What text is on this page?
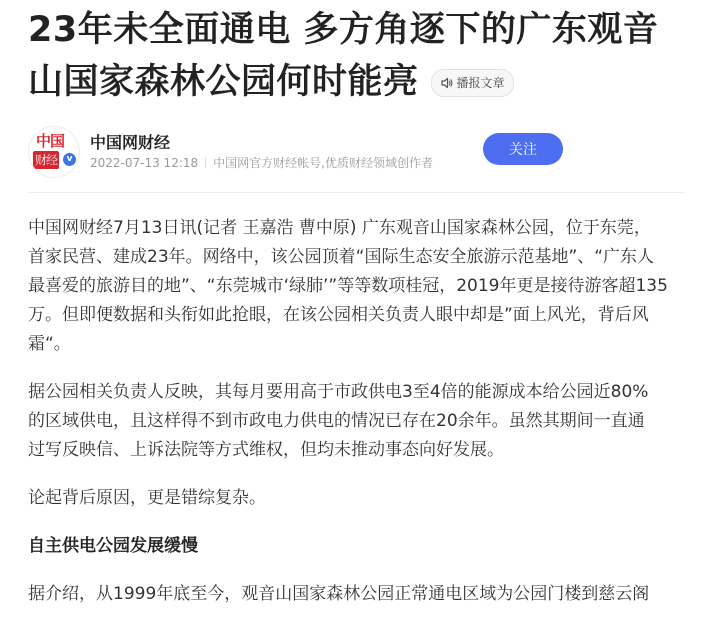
23年未全面通电 多方角逐下的广东观音
山国家森林公园何时能亮	播报文章
中国
财经	v
中国网财经
2022-07-13 12:18 中国网官方财经帐号,优质财经领域创作者
关注

中国网财经7月13日讯(记者 王嘉浩 曹中原) 广东观音山国家森林公园，位于东莞，
首家民营、建成23年。网络中，该公园顶着“国际生态安全旅游示范基地”、“广东人
最喜爱的旅游目的地”、“东莞城市‘绿肺’”等等数项桂冠，2019年更是接待游客超135
万。但即便数据和头衔如此抢眼，在该公园相关负责人眼中却是”面上风光，背后风
霜“。

据公园相关负责人反映，其每月要用高于市政供电3至4倍的能源成本给公园近80%
的区域供电，且这样得不到市政电力供电的情况已存在20余年。虽然其期间一直通
过写反映信、上诉法院等方式维权，但均未推动事态向好发展。

论起背后原因，更是错综复杂。

自主供电公园发展缓慢

据介绍，从1999年底至今，观音山国家森林公园正常通电区域为公园门楼到慈云阁
